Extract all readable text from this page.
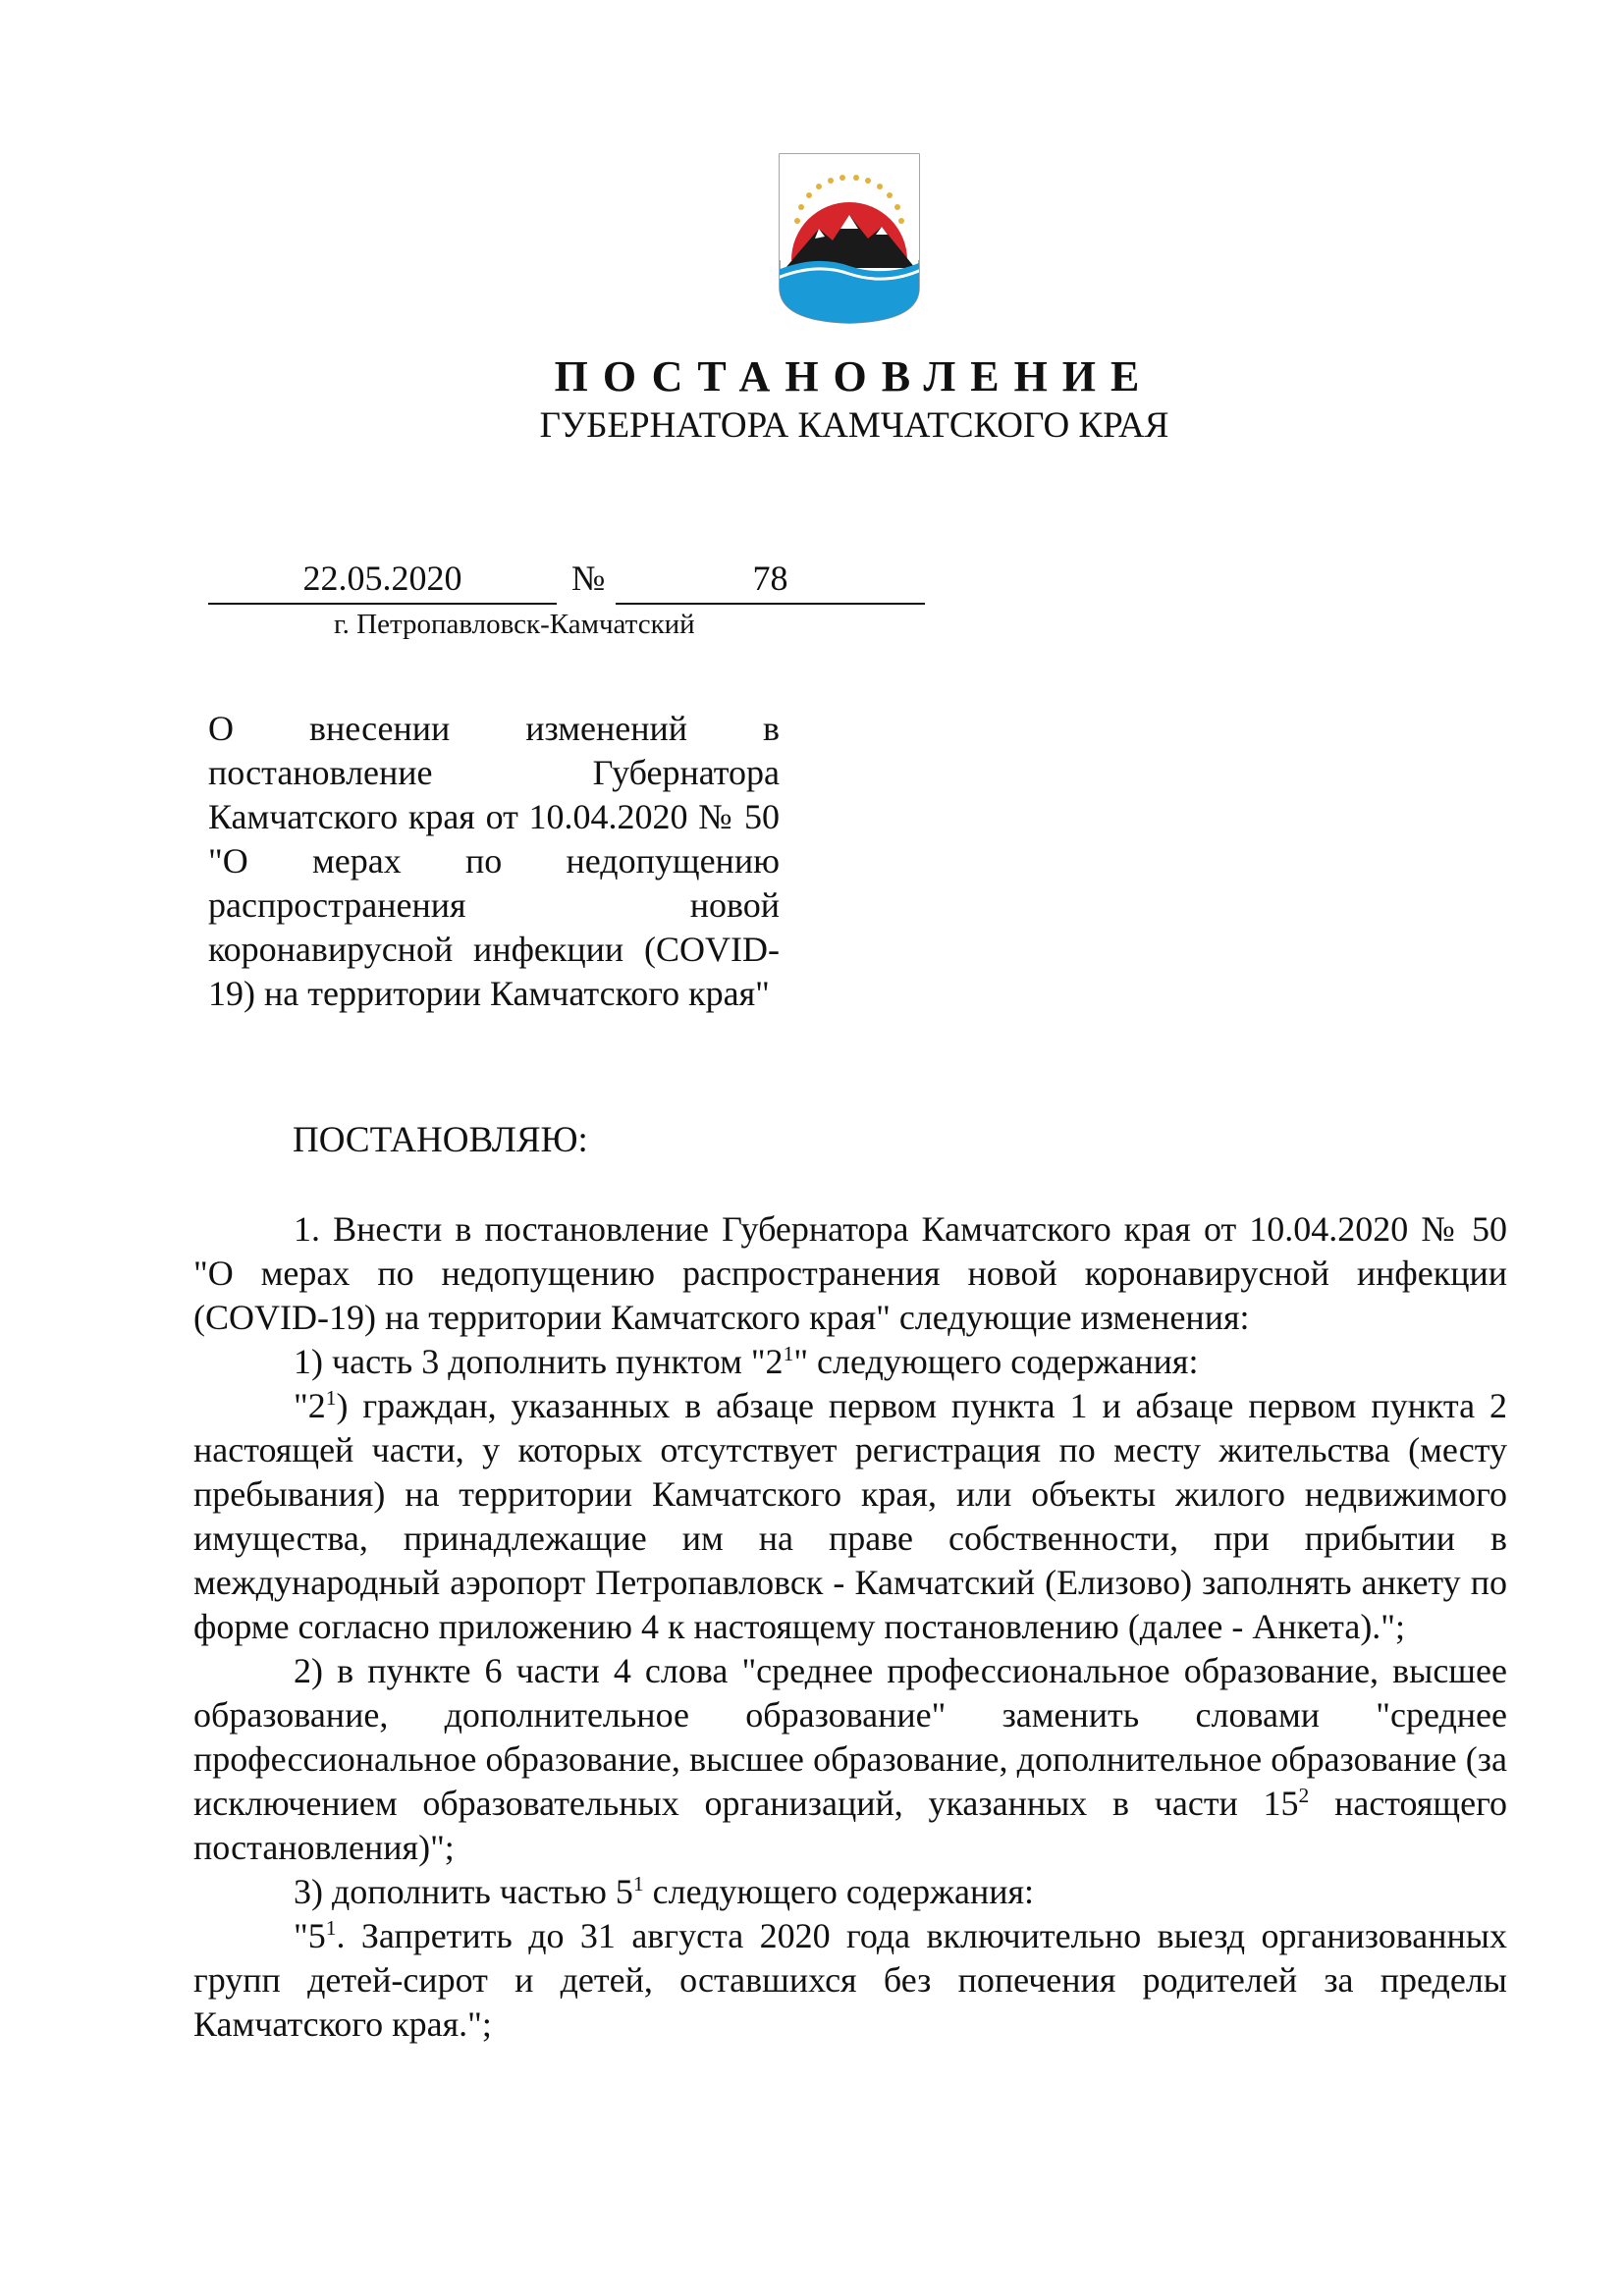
ПОСТАНОВЛЕНИЕ
ГУБЕРНАТОРА КАМЧАТСКОГО КРАЯ
22.05.2020	№	78
г. Петропавловск-Камчатский
О внесении изменений в постановление Губернатора Камчатского края от 10.04.2020 № 50 "О мерах по недопущению распространения новой коронавирусной инфекции (COVID-19) на территории Камчатского края"
ПОСТАНОВЛЯЮ:

1. Внести в постановление Губернатора Камчатского края от 10.04.2020 № 50 "О мерах по недопущению распространения новой коронавирусной инфекции (COVID-19) на территории Камчатского края" следующие изменения:

1) часть 3 дополнить пунктом "$2^1$" следующего содержания:

"$2^1$) граждан, указанных в абзаце первом пункта 1 и абзаце первом пункта 2 настоящей части, у которых отсутствует регистрация по месту жительства (месту пребывания) на территории Камчатского края, или объекты жилого недвижимого имущества, принадлежащие им на праве собственности, при прибытии в международный аэропорт Петропавловск - Камчатский (Елизово) заполнять анкету по форме согласно приложению 4 к настоящему постановлению (далее - Анкета).";

2) в пункте 6 части 4 слова "среднее профессиональное образование, высшее образование, дополнительное образование" заменить словами "среднее профессиональное образование, высшее образование, дополнительное образование (за исключением образовательных организаций, указанных в части $15^2$ настоящего постановления)";

3) дополнить частью $5^1$ следующего содержания:

"$5^1$. Запретить до 31 августа 2020 года включительно выезд организованных групп детей-сирот и детей, оставшихся без попечения родителей за пределы Камчатского края.";
